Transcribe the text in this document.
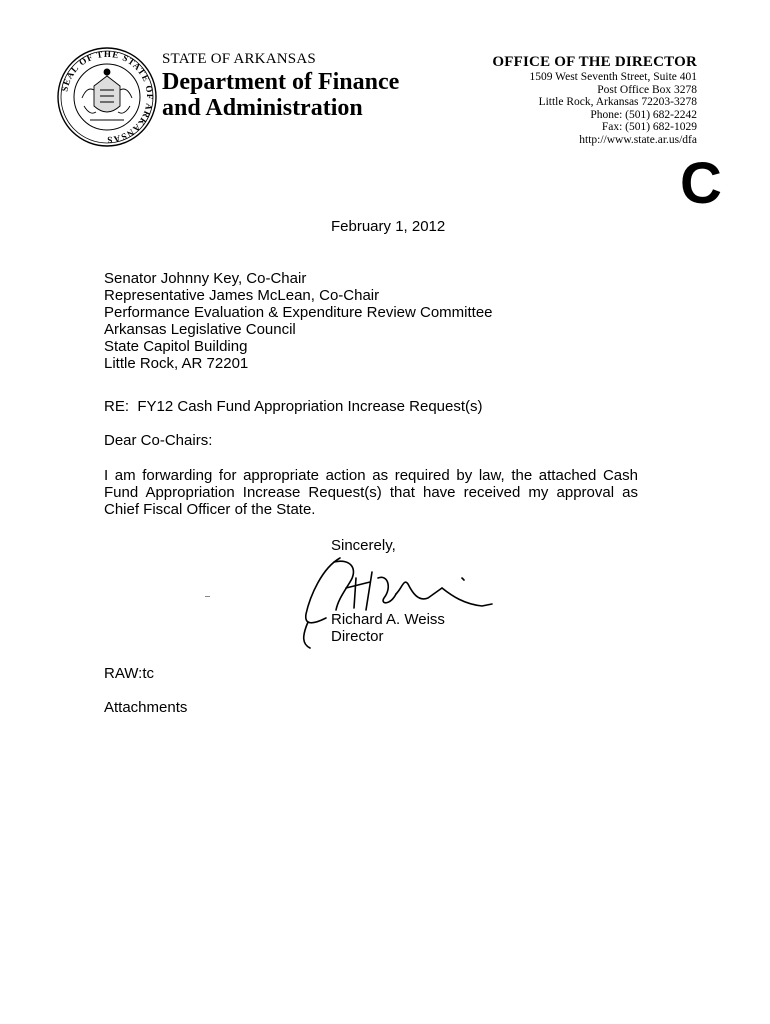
SEAL OF THE STATE OF ARKANSAS
STATE OF ARKANSAS
Department of Finance
and Administration
OFFICE OF THE DIRECTOR
1509 West Seventh Street, Suite 401
Post Office Box 3278
Little Rock, Arkansas 72203-3278
Phone: (501) 682-2242
Fax: (501) 682-1029
http://www.state.ar.us/dfa
C
February 1, 2012
Senator Johnny Key, Co-Chair
Representative James McLean, Co-Chair
Performance Evaluation & Expenditure Review Committee
Arkansas Legislative Council
State Capitol Building
Little Rock, AR 72201
RE:  FY12 Cash Fund Appropriation Increase Request(s)
Dear Co-Chairs:
I am forwarding for appropriate action as required by law, the attached Cash
Fund Appropriation Increase Request(s) that have received my approval as
Chief Fiscal Officer of the State.
Sincerely,
Richard A. Weiss
Director
RAW:tc
Attachments
